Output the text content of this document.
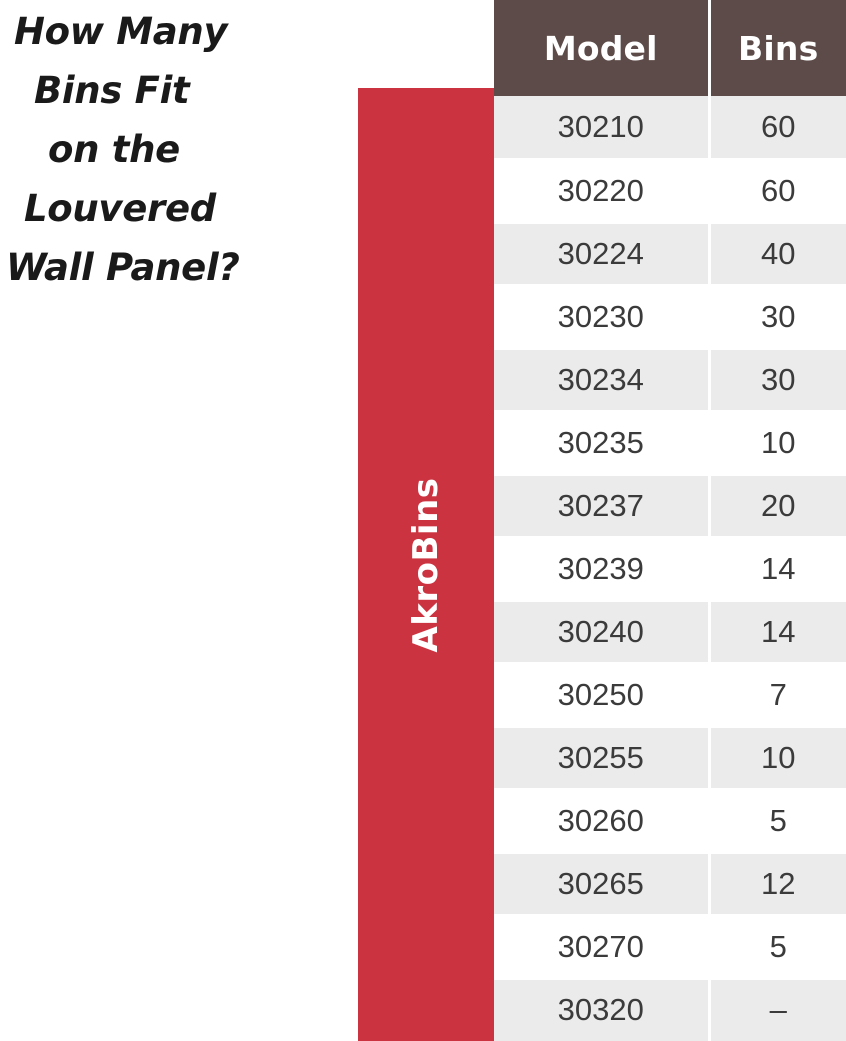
How Many
Bins Fit
on the
Louvered
Wall Panel?
AkroBins
Model	Bins
30210	60
30220	60
30224	40
30230	30
30234	30
30235	10
30237	20
30239	14
30240	14
30250	7
30255	10
30260	5
30265	12
30270	5
30320	–
